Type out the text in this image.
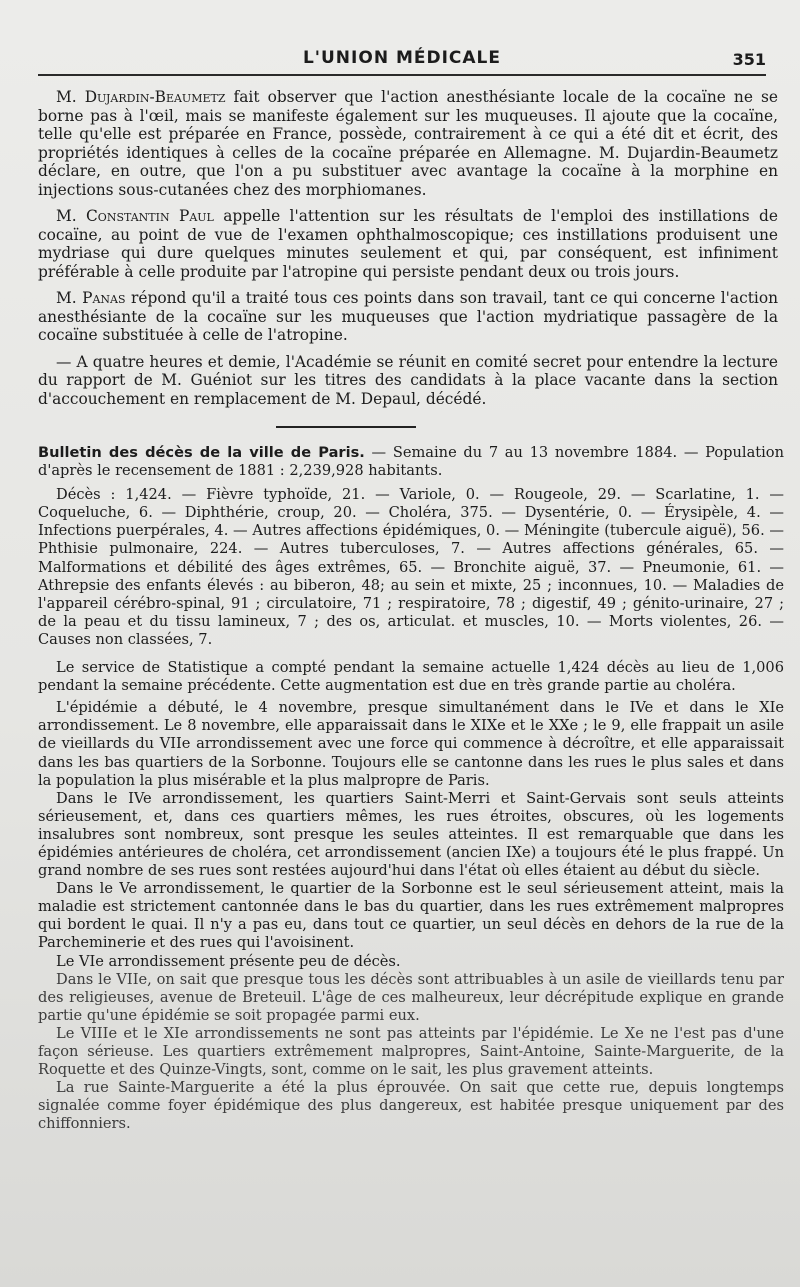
L'UNION MÉDICALE	351

M. Dujardin-Beaumetz fait observer que l'action anesthésiante locale de la cocaïne ne se borne pas à l'œil, mais se manifeste également sur les muqueuses. Il ajoute que la cocaïne, telle qu'elle est préparée en France, possède, contrairement à ce qui a été dit et écrit, des propriétés identiques à celles de la cocaïne préparée en Allemagne. M. Dujardin-Beaumetz déclare, en outre, que l'on a pu substituer avec avantage la cocaïne à la morphine en injections sous-cutanées chez des morphiomanes.

M. Constantin Paul appelle l'attention sur les résultats de l'emploi des instillations de cocaïne, au point de vue de l'examen ophthalmoscopique; ces instillations produisent une mydriase qui dure quelques minutes seulement et qui, par conséquent, est infiniment préférable à celle produite par l'atropine qui persiste pendant deux ou trois jours.

M. Panas répond qu'il a traité tous ces points dans son travail, tant ce qui concerne l'action anesthésiante de la cocaïne sur les muqueuses que l'action mydriatique passagère de la cocaïne substituée à celle de l'atropine.

— A quatre heures et demie, l'Académie se réunit en comité secret pour entendre la lecture du rapport de M. Guéniot sur les titres des candidats à la place vacante dans la section d'accouchement en remplacement de M. Depaul, décédé.

Bulletin des décès de la ville de Paris. — Semaine du 7 au 13 novembre 1884. — Population d'après le recensement de 1881 : 2,239,928 habitants.

Décès : 1,424. — Fièvre typhoïde, 21. — Variole, 0. — Rougeole, 29. — Scarlatine, 1. —Coqueluche, 6. — Diphthérie, croup, 20. — Choléra, 375. — Dysentérie, 0. — Érysipèle, 4. — Infections puerpérales, 4. — Autres affections épidémiques, 0. — Méningite (tubercule aiguë), 56. — Phthisie pulmonaire, 224. — Autres tuberculoses, 7. — Autres affections générales, 65. — Malformations et débilité des âges extrêmes, 65. — Bronchite aiguë, 37. — Pneumonie, 61. — Athrepsie des enfants élevés : au biberon, 48; au sein et mixte, 25 ; inconnues, 10. — Maladies de l'appareil cérébro-spinal, 91 ; circulatoire, 71 ; respiratoire, 78 ; digestif, 49 ; génito-urinaire, 27 ; de la peau et du tissu lamineux, 7 ; des os, articulat. et muscles, 10. — Morts violentes, 26. — Causes non classées, 7.

Le service de Statistique a compté pendant la semaine actuelle 1,424 décès au lieu de 1,006 pendant la semaine précédente. Cette augmentation est due en très grande partie au choléra.

L'épidémie a débuté, le 4 novembre, presque simultanément dans le IVe et dans le XIe arrondissement. Le 8 novembre, elle apparaissait dans le XIXe et le XXe ; le 9, elle frappait un asile de vieillards du VIIe arrondissement avec une force qui commence à décroître, et elle apparaissait dans les bas quartiers de la Sorbonne. Toujours elle se cantonne dans les rues le plus sales et dans la population la plus misérable et la plus malpropre de Paris.

Dans le IVe arrondissement, les quartiers Saint-Merri et Saint-Gervais sont seuls atteints sérieusement, et, dans ces quartiers mêmes, les rues étroites, obscures, où les logements insalubres sont nombreux, sont presque les seules atteintes. Il est remarquable que dans les épidémies antérieures de choléra, cet arrondissement (ancien IXe) a toujours été le plus frappé. Un grand nombre de ses rues sont restées aujourd'hui dans l'état où elles étaient au début du siècle.

Dans le Ve arrondissement, le quartier de la Sorbonne est le seul sérieusement atteint, mais la maladie est strictement cantonnée dans le bas du quartier, dans les rues extrêmement malpropres qui bordent le quai. Il n'y a pas eu, dans tout ce quartier, un seul décès en dehors de la rue de la Parcheminerie et des rues qui l'avoisinent.

Le VIe arrondissement présente peu de décès.

Dans le VIIe, on sait que presque tous les décès sont attribuables à un asile de vieillards tenu par des religieuses, avenue de Breteuil. L'âge de ces malheureux, leur décrépitude explique en grande partie qu'une épidémie se soit propagée parmi eux.

Le VIIIe et le XIe arrondissements ne sont pas atteints par l'épidémie. Le Xe ne l'est pas d'une façon sérieuse. Les quartiers extrêmement malpropres, Saint-Antoine, Sainte-Marguerite, de la Roquette et des Quinze-Vingts, sont, comme on le sait, les plus gravement atteints.

La rue Sainte-Marguerite a été la plus éprouvée. On sait que cette rue, depuis longtemps signalée comme foyer épidémique des plus dangereux, est habitée presque uniquement par des chiffonniers.
